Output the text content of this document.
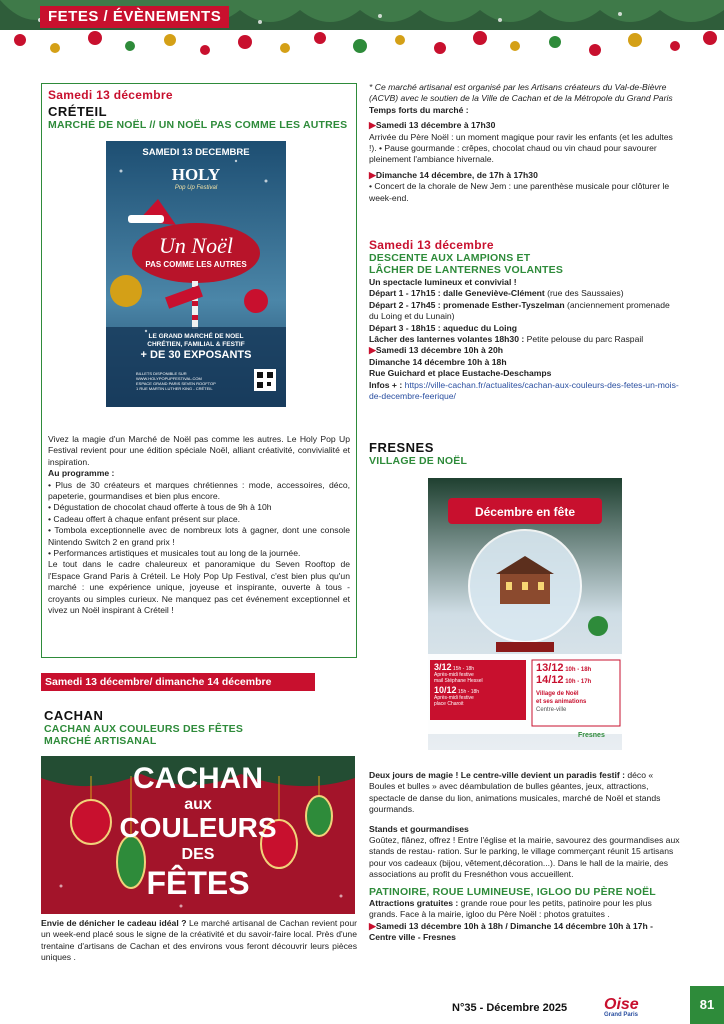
FETES / ÉVÈNEMENTS
Samedi 13 décembre
CRÉTEIL
MARCHÉ DE NOËL // UN NOËL PAS COMME LES AUTRES
SAMEDI 13 DECEMBRE
HOLY
Pop Up Festival
Un Noël
PAS COMME LES AUTRES
LE GRAND MARCHÉ DE NOEL
CHRÉTIEN, FAMILIAL & FESTIF
+ DE 30 EXPOSANTS
BILLETS DISPONIBLE SUR
WWW.HOLYPOPUPFESTIVAL.COM
ESPACE GRAND PARIS SEVEN ROOFTOP
1 RUE MARTIN LUTHER KING - CRÉTEIL
Vivez la magie d'un Marché de Noël pas comme les autres. Le Holy Pop Up Festival revient pour une édition spéciale Noël, alliant créativité, convivialité et inspiration.
Au programme :
• Plus de 30 créateurs et marques chrétiennes : mode, accessoires, déco, papeterie, gourmandises et bien plus encore.
• Dégustation de chocolat chaud offerte à tous de 9h à 10h
• Cadeau offert à chaque enfant présent sur place.
• Tombola exceptionnelle avec de nombreux lots à gagner, dont une console Nintendo Switch 2 en grand prix !
• Performances artistiques et musicales tout au long de la journée.
Le tout dans le cadre chaleureux et panoramique du Seven Rooftop de l'Espace Grand Paris à Créteil. Le Holy Pop Up Festival, c'est bien plus qu'un marché : une expérience unique, joyeuse et inspirante, ouverte à tous - croyants ou simples curieux. Ne manquez pas cet événement exceptionnel et vivez un Noël inspirant à Créteil !
Samedi 13 décembre/ dimanche 14 décembre
CACHAN
CACHAN AUX COULEURS DES FÊTES
MARCHÉ ARTISANAL
CACHAN
aux
COULEURS
DES
FÊTES
Envie de dénicher le cadeau idéal ? Le marché artisanal de Cachan revient pour un week-end placé sous le signe de la créativité et du savoir-faire local. Près d'une trentaine d'artisans de Cachan et des environs vous feront découvrir leurs pièces uniques .
* Ce marché artisanal est organisé par les Artisans créateurs du Val-de-Bièvre (ACVB) avec le soutien de la Ville de Cachan et de la Métropole du Grand Paris
Temps forts du marché :
▶Samedi 13 décembre à 17h30
Arrivée du Père Noël : un moment magique pour ravir les enfants (et les adultes !). • Pause gourmande : crêpes, chocolat chaud ou vin chaud pour savourer pleinement l'ambiance hivernale.
▶Dimanche 14 décembre, de 17h à 17h30
• Concert de la chorale de New Jem : une parenthèse musicale pour clôturer le week-end.
Samedi 13 décembre
DESCENTE AUX LAMPIONS ET
LÂCHER DE LANTERNES VOLANTES
Un spectacle lumineux et convivial !
Départ 1 - 17h15 : dalle Geneviève-Clément (rue des Saussaies)
Départ 2 - 17h45 : promenade Esther-Tyszelman (anciennement promenade du Loing et du Lunain)
Départ 3 - 18h15 : aqueduc du Loing
Lâcher des lanternes volantes 18h30 : Petite pelouse du parc Raspail
▶Samedi 13 décembre 10h à 20h
Dimanche 14 décembre 10h à 18h
Rue Guichard et place Eustache-Deschamps
Infos + : https://ville-cachan.fr/actualites/cachan-aux-couleurs-des-fetes-un-mois-de-decembre-feerique/
FRESNES
VILLAGE DE NOËL
Décembre en fête
3/12 15h - 18h
Après-midi festive
mail Stéphane Hessel
10/12 15h - 18h
Après-midi festive
place Charoit
13/12 10h - 18h
14/12 10h - 17h
Village de Noël
et ses animations
Centre-ville
Fresnes
Deux jours de magie ! Le centre-ville devient un paradis festif : déco « Boules et bulles » avec déambulation de bulles géantes, jeux, attractions, spectacle de danse du lion, animations musicales, marché de Noël et stands gourmands.
Stands et gourmandises
Goûtez, flânez, offrez ! Entre l'église et la mairie, savourez des gourmandises aux stands de restau- ration. Sur le parking, le village commerçant réunit 15 artisans pour vos cadeaux (bijou, vêtement,décoration...). Dans le hall de la mairie, des associations au profit du Fresnéthon vous accueillent.
PATINOIRE, ROUE LUMINEUSE, IGLOO DU PÈRE NOËL
Attractions gratuites : grande roue pour les petits, patinoire pour les plus grands. Face à la mairie, igloo du Père Noël : photos gratuites .
▶Samedi 13 décembre 10h à 18h / Dimanche 14 décembre 10h à 17h - Centre ville - Fresnes
N°35 - Décembre 2025 Oise
Grand Paris
81
